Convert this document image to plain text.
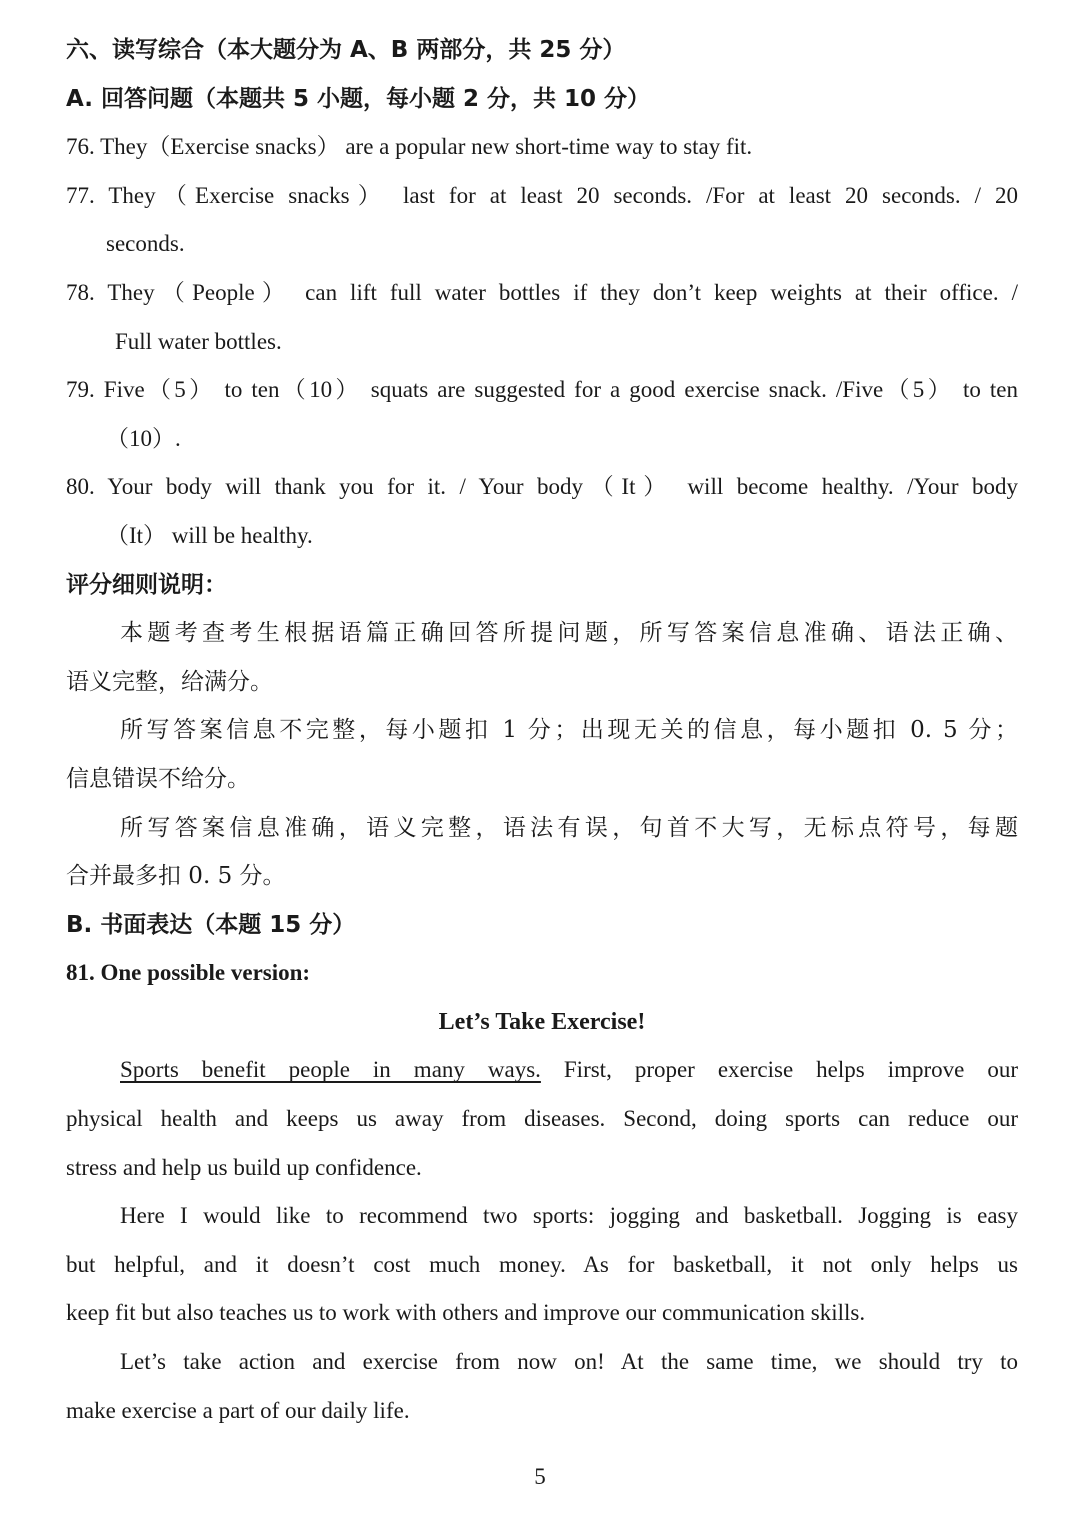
六、读写综合（本大题分为 A、B 两部分，共 25 分）
A. 回答问题（本题共 5 小题，每小题 2 分，共 10 分）
76. They（Exercise snacks） are a popular new short-time way to stay fit.
77. They（Exercise snacks） last for at least 20 seconds. /For at least 20 seconds. / 20
seconds.
78. They（People） can lift full water bottles if they don’t keep weights at their office. /
Full water bottles.
79. Five（5） to ten（10） squats are suggested for a good exercise snack. /Five（5） to ten
（10）.
80. Your body will thank you for it. / Your body（It） will become healthy. /Your body
（It） will be healthy.
评分细则说明：
本题考查考生根据语篇正确回答所提问题，所写答案信息准确、语法正确、
语义完整，给满分。
所写答案信息不完整，每小题扣 1 分；出现无关的信息，每小题扣 0. 5 分；
信息错误不给分。
所写答案信息准确，语义完整，语法有误，句首不大写，无标点符号，每题
合并最多扣 0. 5 分。
B. 书面表达（本题 15 分）
81. One possible version:
Let’s Take Exercise!
Sports benefit people in many ways. First, proper exercise helps improve our
physical health and keeps us away from diseases. Second, doing sports can reduce our
stress and help us build up confidence.
Here I would like to recommend two sports: jogging and basketball. Jogging is easy
but helpful, and it doesn’t cost much money. As for basketball, it not only helps us
keep fit but also teaches us to work with others and improve our communication skills.
Let’s take action and exercise from now on! At the same time, we should try to
make exercise a part of our daily life.
5
